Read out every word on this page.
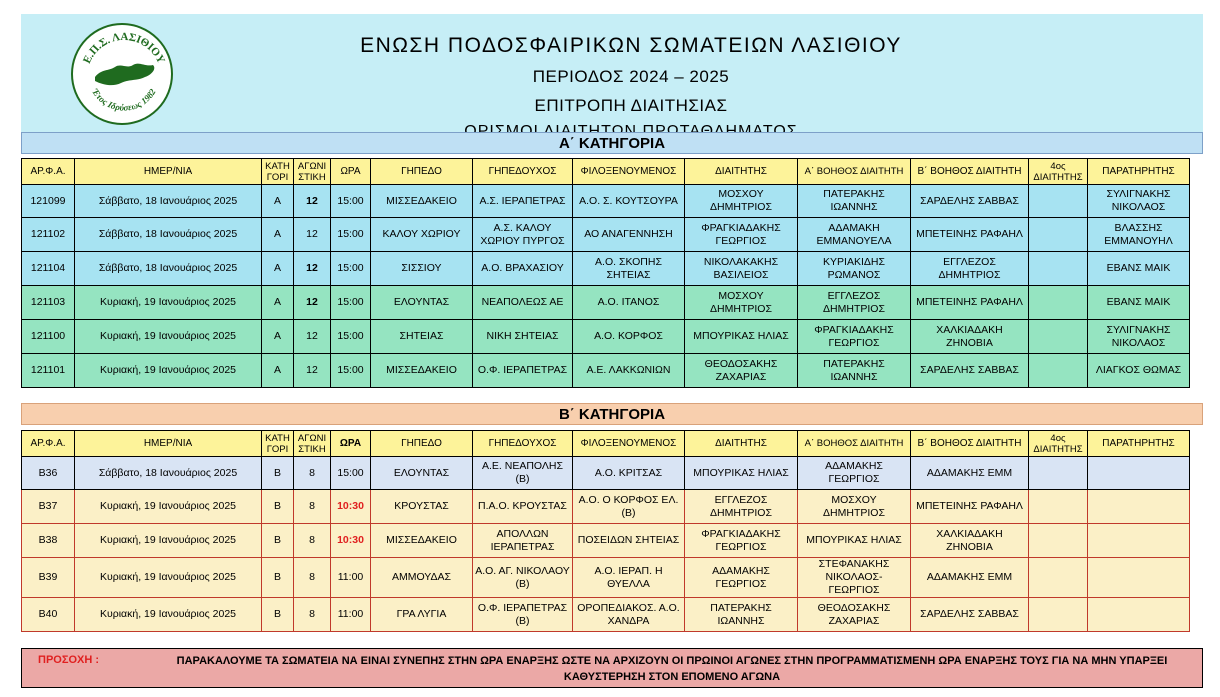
Ε.Π.Σ. ΛΑΣΙΘΙΟΥ
Έτος Ιδρύσεως 1982
ΕΝΩΣΗ ΠΟΔΟΣΦΑΙΡΙΚΩΝ ΣΩΜΑΤΕΙΩΝ ΛΑΣΙΘΙΟΥ
ΠΕΡΙΟΔΟΣ 2024 – 2025
ΕΠΙΤΡΟΠΗ ΔΙΑΙΤΗΣΙΑΣ
Α΄ ΚΑΤΗΓΟΡΙΑ
ΑΡ.Φ.Α.	ΗΜΕΡ/ΝΙΑ	ΚΑΤΗ ΓΟΡΙ	ΑΓΩΝΙ ΣΤΙΚΗ	ΩΡΑ	ΓΗΠΕΔΟ	ΓΗΠΕΔΟΥΧΟΣ	ΦΙΛΟΞΕΝΟΥΜΕΝΟΣ	ΔΙΑΙΤΗΤΗΣ	Α΄ ΒΟΗΘΟΣ ΔΙΑΙΤΗΤΗ	Β΄ ΒΟΗΘΟΣ ΔΙΑΙΤΗΤΗ	4ος ΔΙΑΙΤΗΤΗΣ	ΠΑΡΑΤΗΡΗΤΗΣ
121099	Σάββατο, 18 Ιανουάριος 2025	Α	12	15:00	ΜΙΣΣΕΔΑΚΕΙΟ	Α.Σ. ΙΕΡΑΠΕΤΡΑΣ	Α.Ο. Σ. ΚΟΥΤΣΟΥΡΑ	ΜΟΣΧΟΥ ΔΗΜΗΤΡΙΟΣ	ΠΑΤΕΡΑΚΗΣ ΙΩΑΝΝΗΣ	ΣΑΡΔΕΛΗΣ ΣΑΒΒΑΣ		ΣΥΛΙΓΝΑΚΗΣ ΝΙΚΟΛΑΟΣ
121102	Σάββατο, 18 Ιανουάριος 2025	Α	12	15:00	ΚΑΛΟΥ ΧΩΡΙΟΥ	Α.Σ. ΚΑΛΟΥ ΧΩΡΙΟΥ ΠΥΡΓΟΣ	ΑΟ ΑΝΑΓΕΝΝΗΣΗ	ΦΡΑΓΚΙΑΔΑΚΗΣ ΓΕΩΡΓΙΟΣ	ΑΔΑΜΑΚΗ ΕΜΜΑΝΟΥΕΛΑ	ΜΠΕΤΕΙΝΗΣ ΡΑΦΑΗΛ		ΒΛΑΣΣΗΣ ΕΜΜΑΝΟΥΗΛ
121104	Σάββατο, 18 Ιανουάριος 2025	Α	12	15:00	ΣΙΣΣΙΟΥ	Α.Ο. ΒΡΑΧΑΣΙΟΥ	Α.Ο. ΣΚΟΠΗΣ ΣΗΤΕΙΑΣ	ΝΙΚΟΛΑΚΑΚΗΣ ΒΑΣΙΛΕΙΟΣ	ΚΥΡΙΑΚΙΔΗΣ ΡΩΜΑΝΟΣ	ΕΓΓΛΕΖΟΣ ΔΗΜΗΤΡΙΟΣ		ΕΒΑΝΣ ΜΑΙΚ
121103	Κυριακή, 19 Ιανουάριος 2025	Α	12	15:00	ΕΛΟΥΝΤΑΣ	ΝΕΑΠΟΛΕΩΣ ΑΕ	Α.Ο. ΙΤΑΝΟΣ	ΜΟΣΧΟΥ ΔΗΜΗΤΡΙΟΣ	ΕΓΓΛΕΖΟΣ ΔΗΜΗΤΡΙΟΣ	ΜΠΕΤΕΙΝΗΣ ΡΑΦΑΗΛ		ΕΒΑΝΣ ΜΑΙΚ
121100	Κυριακή, 19 Ιανουάριος 2025	Α	12	15:00	ΣΗΤΕΙΑΣ	ΝΙΚΗ ΣΗΤΕΙΑΣ	Α.Ο. ΚΟΡΦΟΣ	ΜΠΟΥΡΙΚΑΣ ΗΛΙΑΣ	ΦΡΑΓΚΙΑΔΑΚΗΣ ΓΕΩΡΓΙΟΣ	ΧΑΛΚΙΑΔΑΚΗ ΖΗΝΟΒΙΑ		ΣΥΛΙΓΝΑΚΗΣ ΝΙΚΟΛΑΟΣ
121101	Κυριακή, 19 Ιανουάριος 2025	Α	12	15:00	ΜΙΣΣΕΔΑΚΕΙΟ	Ο.Φ. ΙΕΡΑΠΕΤΡΑΣ	Α.Ε. ΛΑΚΚΩΝΙΩΝ	ΘΕΟΔΟΣΑΚΗΣ ΖΑΧΑΡΙΑΣ	ΠΑΤΕΡΑΚΗΣ ΙΩΑΝΝΗΣ	ΣΑΡΔΕΛΗΣ ΣΑΒΒΑΣ		ΛΙΑΓΚΟΣ ΘΩΜΑΣ
Β΄ ΚΑΤΗΓΟΡΙΑ
ΑΡ.Φ.Α.	ΗΜΕΡ/ΝΙΑ	ΚΑΤΗ ΓΟΡΙ	ΑΓΩΝΙ ΣΤΙΚΗ	ΩΡΑ	ΓΗΠΕΔΟ	ΓΗΠΕΔΟΥΧΟΣ	ΦΙΛΟΞΕΝΟΥΜΕΝΟΣ	ΔΙΑΙΤΗΤΗΣ	Α΄ ΒΟΗΘΟΣ ΔΙΑΙΤΗΤΗ	Β΄ ΒΟΗΘΟΣ ΔΙΑΙΤΗΤΗ	4ος ΔΙΑΙΤΗΤΗΣ	ΠΑΡΑΤΗΡΗΤΗΣ
Β36	Σάββατο, 18 Ιανουάριος 2025	Β	8	15:00	ΕΛΟΥΝΤΑΣ	Α.Ε. ΝΕΑΠΟΛΗΣ (Β)	Α.Ο. ΚΡΙΤΣΑΣ	ΜΠΟΥΡΙΚΑΣ ΗΛΙΑΣ	ΑΔΑΜΑΚΗΣ ΓΕΩΡΓΙΟΣ	ΑΔΑΜΑΚΗΣ ΕΜΜ		
Β37	Κυριακή, 19 Ιανουάριος 2025	Β	8	10:30	ΚΡΟΥΣΤΑΣ	Π.Α.Ο. ΚΡΟΥΣΤΑΣ	Α.Ο. Ο ΚΟΡΦΟΣ ΕΛ. (Β)	ΕΓΓΛΕΖΟΣ ΔΗΜΗΤΡΙΟΣ	ΜΟΣΧΟΥ ΔΗΜΗΤΡΙΟΣ	ΜΠΕΤΕΙΝΗΣ ΡΑΦΑΗΛ		
Β38	Κυριακή, 19 Ιανουάριος 2025	Β	8	10:30	ΜΙΣΣΕΔΑΚΕΙΟ	ΑΠΟΛΛΩΝ ΙΕΡΑΠΕΤΡΑΣ	ΠΟΣΕΙΔΩΝ ΣΗΤΕΙΑΣ	ΦΡΑΓΚΙΑΔΑΚΗΣ ΓΕΩΡΓΙΟΣ	ΜΠΟΥΡΙΚΑΣ ΗΛΙΑΣ	ΧΑΛΚΙΑΔΑΚΗ ΖΗΝΟΒΙΑ		
Β39	Κυριακή, 19 Ιανουάριος 2025	Β	8	11:00	ΑΜΜΟΥΔΑΣ	Α.Ο. ΑΓ. ΝΙΚΟΛΑΟΥ (Β)	Α.Ο. ΙΕΡΑΠ. Η ΘΥΕΛΛΑ	ΑΔΑΜΑΚΗΣ ΓΕΩΡΓΙΟΣ	ΣΤΕΦΑΝΑΚΗΣ ΝΙΚΟΛΑΟΣ-ΓΕΩΡΓΙΟΣ	ΑΔΑΜΑΚΗΣ ΕΜΜ		
Β40	Κυριακή, 19 Ιανουάριος 2025	Β	8	11:00	ΓΡΑ ΛΥΓΙΑ	Ο.Φ. ΙΕΡΑΠΕΤΡΑΣ (Β)	ΟΡΟΠΕΔΙΑΚΟΣ. Α.Ο. ΧΑΝΔΡΑ	ΠΑΤΕΡΑΚΗΣ ΙΩΑΝΝΗΣ	ΘΕΟΔΟΣΑΚΗΣ ΖΑΧΑΡΙΑΣ	ΣΑΡΔΕΛΗΣ ΣΑΒΒΑΣ		
ΠΡΟΣΟΧΗ :	ΠΑΡΑΚΑΛΟΥΜΕ ΤΑ ΣΩΜΑΤΕΙΑ ΝΑ ΕΙΝΑΙ ΣΥΝΕΠΗΣ ΣΤΗΝ ΩΡΑ ΕΝΑΡΞΗΣ ΩΣΤΕ ΝΑ ΑΡΧΙΖΟΥΝ ΟΙ ΠΡΩΙΝΟΙ ΑΓΩΝΕΣ ΣΤΗΝ ΠΡΟΓΡΑΜΜΑΤΙΣΜΕΝΗ ΩΡΑ ΕΝΑΡΞΗΣ ΤΟΥΣ ΓΙΑ ΝΑ ΜΗΝ ΥΠΑΡΞΕΙ ΚΑΘΥΣΤΕΡΗΣΗ ΣΤΟΝ ΕΠΟΜΕΝΟ ΑΓΩΝΑ
